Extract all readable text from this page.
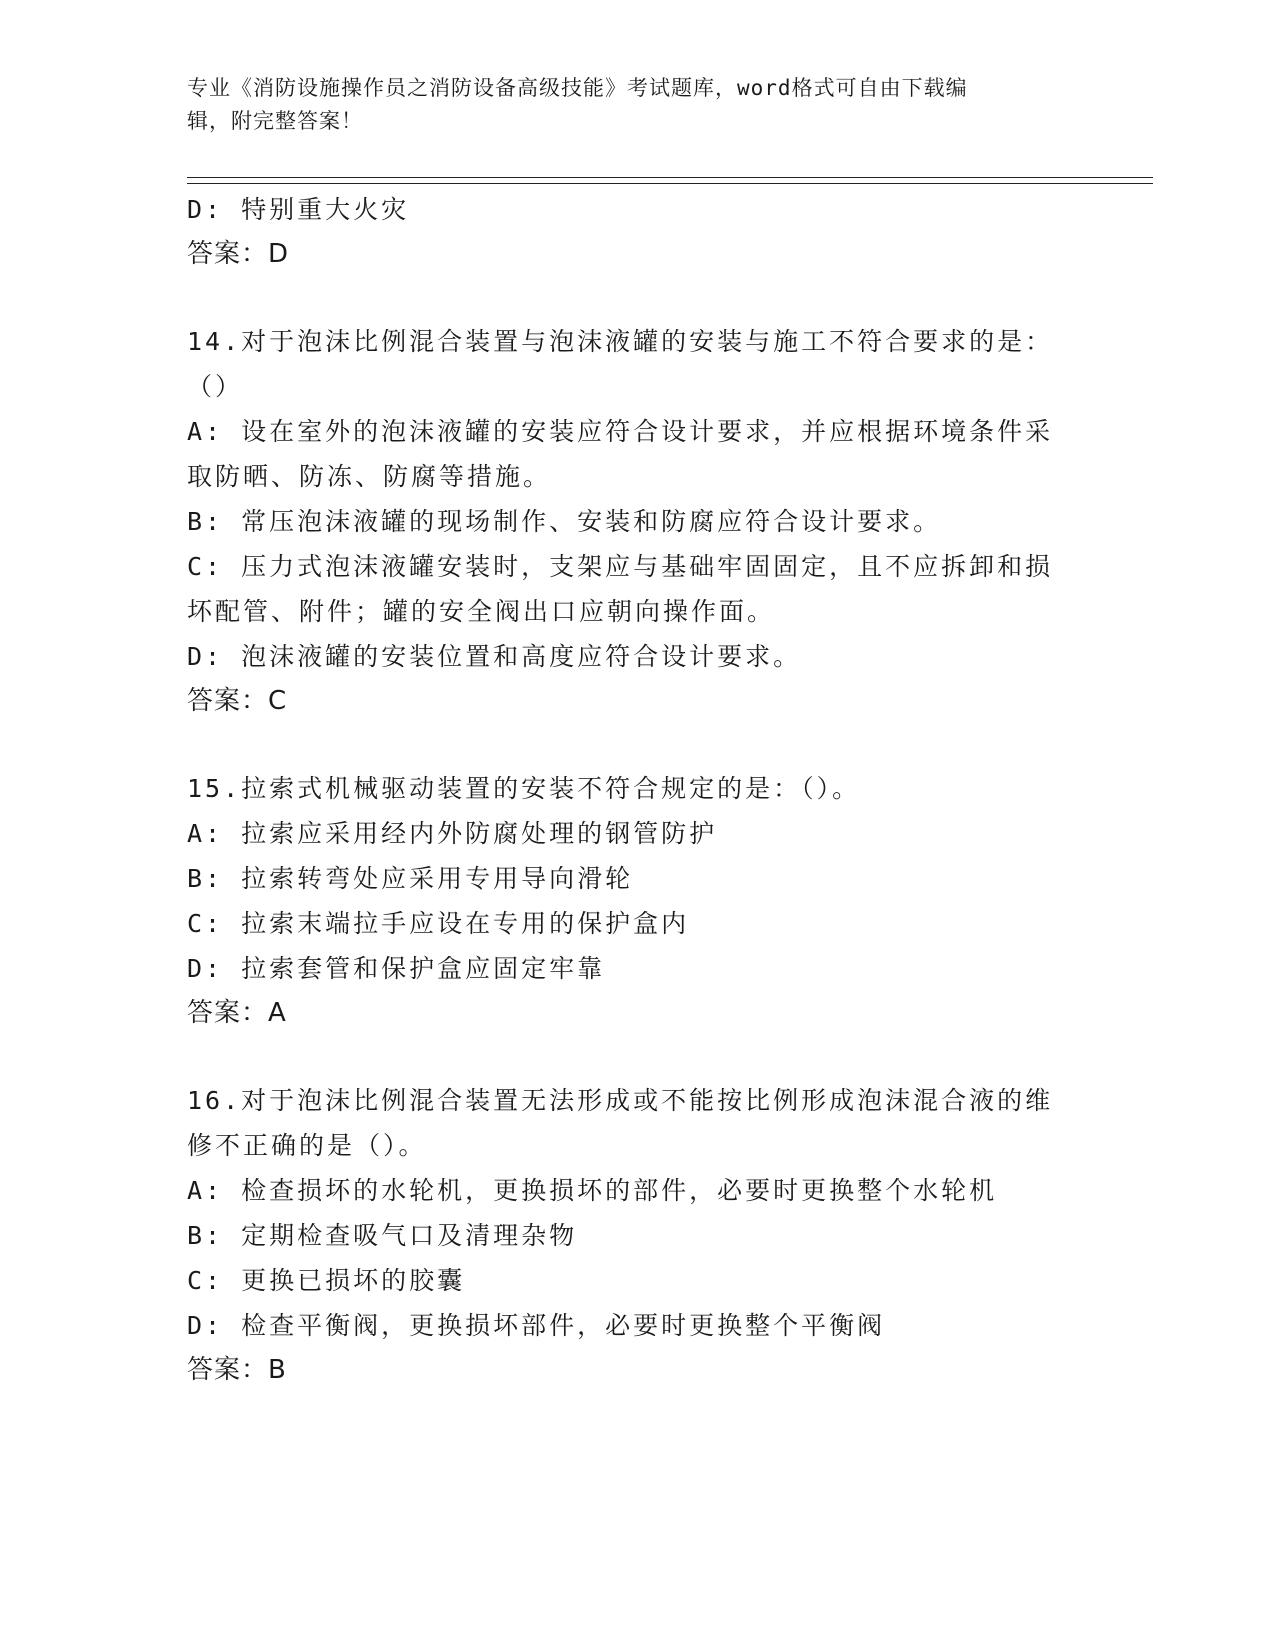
专业《消防设施操作员之消防设备高级技能》考试题库，word格式可自由下载编
辑，附完整答案！
D: 特别重大火灾
答案：D
14.对于泡沫比例混合装置与泡沫液罐的安装与施工不符合要求的是：
（）
A: 设在室外的泡沫液罐的安装应符合设计要求，并应根据环境条件采
取防晒、防冻、防腐等措施。
B: 常压泡沫液罐的现场制作、安装和防腐应符合设计要求。
C: 压力式泡沫液罐安装时，支架应与基础牢固固定，且不应拆卸和损
坏配管、附件；罐的安全阀出口应朝向操作面。
D: 泡沫液罐的安装位置和高度应符合设计要求。
答案：C
15.拉索式机械驱动装置的安装不符合规定的是：（）。
A: 拉索应采用经内外防腐处理的钢管防护
B: 拉索转弯处应采用专用导向滑轮
C: 拉索末端拉手应设在专用的保护盒内
D: 拉索套管和保护盒应固定牢靠
答案：A
16.对于泡沫比例混合装置无法形成或不能按比例形成泡沫混合液的维
修不正确的是（）。
A: 检查损坏的水轮机，更换损坏的部件，必要时更换整个水轮机
B: 定期检查吸气口及清理杂物
C: 更换已损坏的胶囊
D: 检查平衡阀，更换损坏部件，必要时更换整个平衡阀
答案：B
